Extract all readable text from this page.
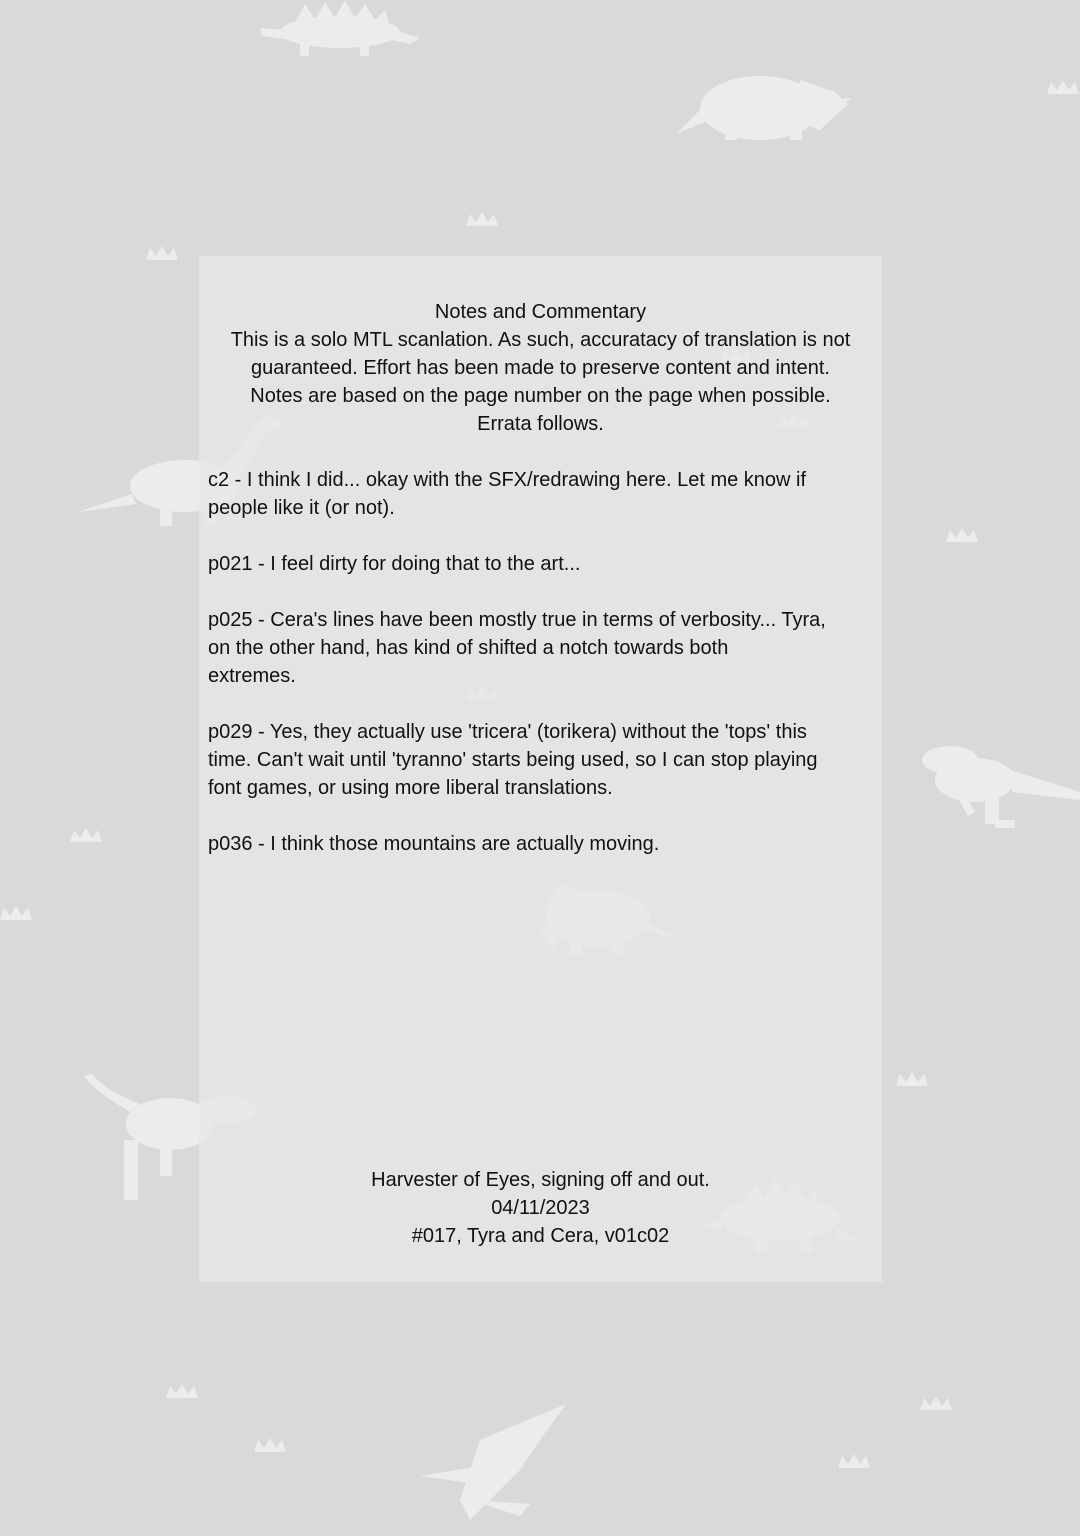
Notes and Commentary

This is a solo MTL scanlation. As such, accuratacy of translation is not

guaranteed. Effort has been made to preserve content and intent.

Notes are based on the page number on the page when possible.

Errata follows.

c2 - I think I did... okay with the SFX/redrawing here. Let me know if

people like it (or not).

p021 - I feel dirty for doing that to the art...

p025 - Cera's lines have been mostly true in terms of verbosity... Tyra,

on the other hand, has kind of shifted a notch towards both

extremes.

p029 - Yes, they actually use 'tricera' (torikera) without the 'tops' this

time. Can't wait until 'tyranno' starts being used, so I can stop playing

font games, or using more liberal translations.

p036 - I think those mountains are actually moving.

Harvester of Eyes, signing off and out.

04/11/2023

#017, Tyra and Cera, v01c02
